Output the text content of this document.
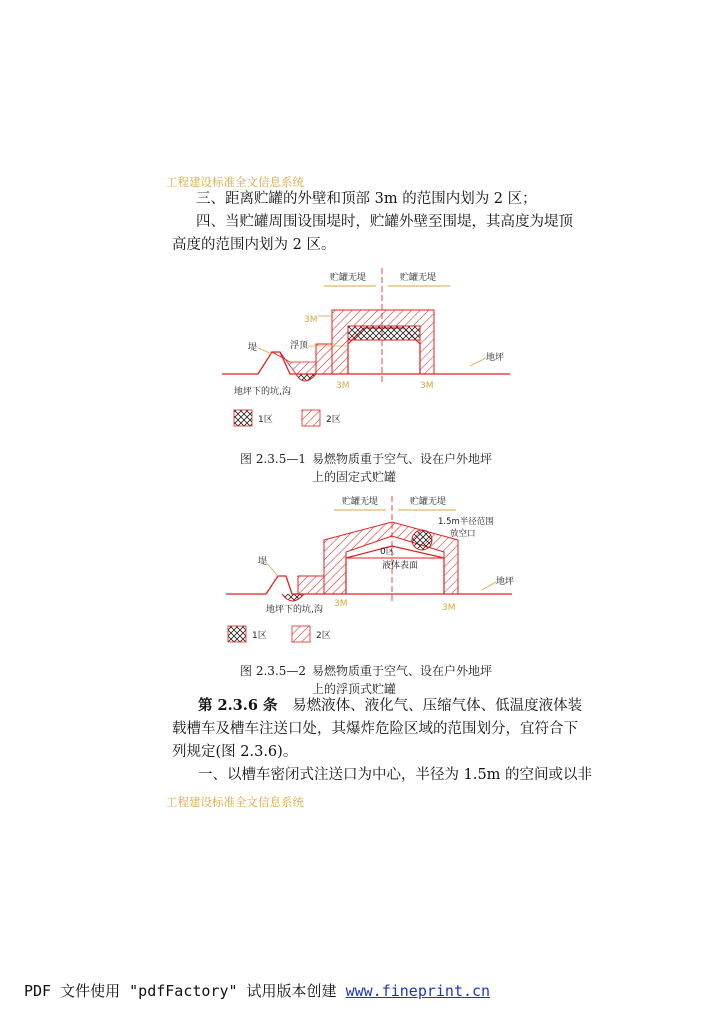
工程建设标准全文信息系统
三、距离贮罐的外壁和顶部 3m 的范围内划为 2 区；
四、当贮罐周围设围堤时，贮罐外壁至围堤，其高度为堤顶
高度的范围内划为 2 区。
贮罐无堤	贮罐无堤
3M
堤	浮顶
地坪
地坪下的坑,沟
3M	3M
1区	2区
图 2.3.5—1 易燃物质重于空气、设在户外地坪
上的固定式贮罐
贮罐无堤	贮罐无堤
1.5m半径范围
放空口
0区
液体表面
堤
地坪
地坪下的坑,沟
3M	3M
1区	2区
图 2.3.5—2 易燃物质重于空气、设在户外地坪
上的浮顶式贮罐
第 2.3.6 条 易燃液体、液化气、压缩气体、低温度液体装
载槽车及槽车注送口处，其爆炸危险区域的范围划分，宜符合下
列规定(图 2.3.6)。
一、以槽车密闭式注送口为中心，半径为 1.5m 的空间或以非
工程建设标准全文信息系统
PDF 文件使用 "pdfFactory" 试用版本创建 www.fineprint.cn
